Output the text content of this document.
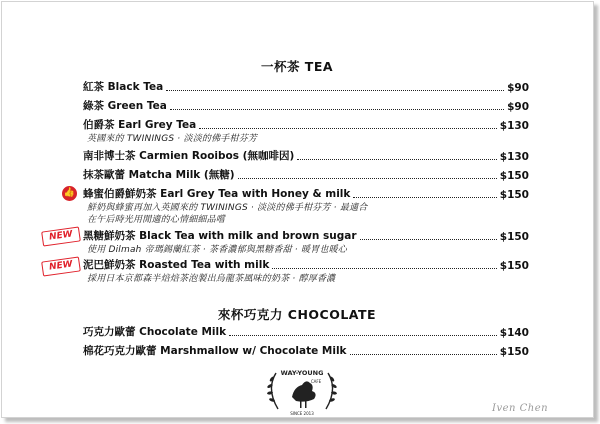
一杯茶 TEA
紅茶 Black Tea	$90
綠茶 Green Tea	$90
伯爵茶 Earl Grey Tea	$130
英國來的 TWININGS ‧ 淡淡的佛手柑芬芳
南非博士茶 Carmien Rooibos (無咖啡因)	$130
抹茶歐蕾 Matcha Milk (無糖)	$150
👍 蜂蜜伯爵鮮奶茶 Earl Grey Tea with Honey & milk	$150
鮮奶與蜂蜜再加入英國來的 TWININGS ‧ 淡淡的佛手柑芬芳 ‧ 最適合
在午后時光用閒適的心情細細品嚐
NEW 黑糖鮮奶茶 Black Tea with milk and brown sugar	$150
使用 Dilmah 帝瑪錫蘭紅茶 ‧ 茶香濃郁與黑糖香甜 ‧ 暖胃也暖心
NEW 泥巴鮮奶茶 Roasted Tea with milk	$150
採用日本京都森半焙焙茶泡製出烏龍茶風味的奶茶 ‧ 醇厚香濃
來杯巧克力 CHOCOLATE
巧克力歐蕾 Chocolate Milk	$140
棉花巧克力歐蕾 Marshmallow w/ Chocolate Milk	$150
WAY-YOUNG
CAFE
SINCE 2013	Iven Chen
